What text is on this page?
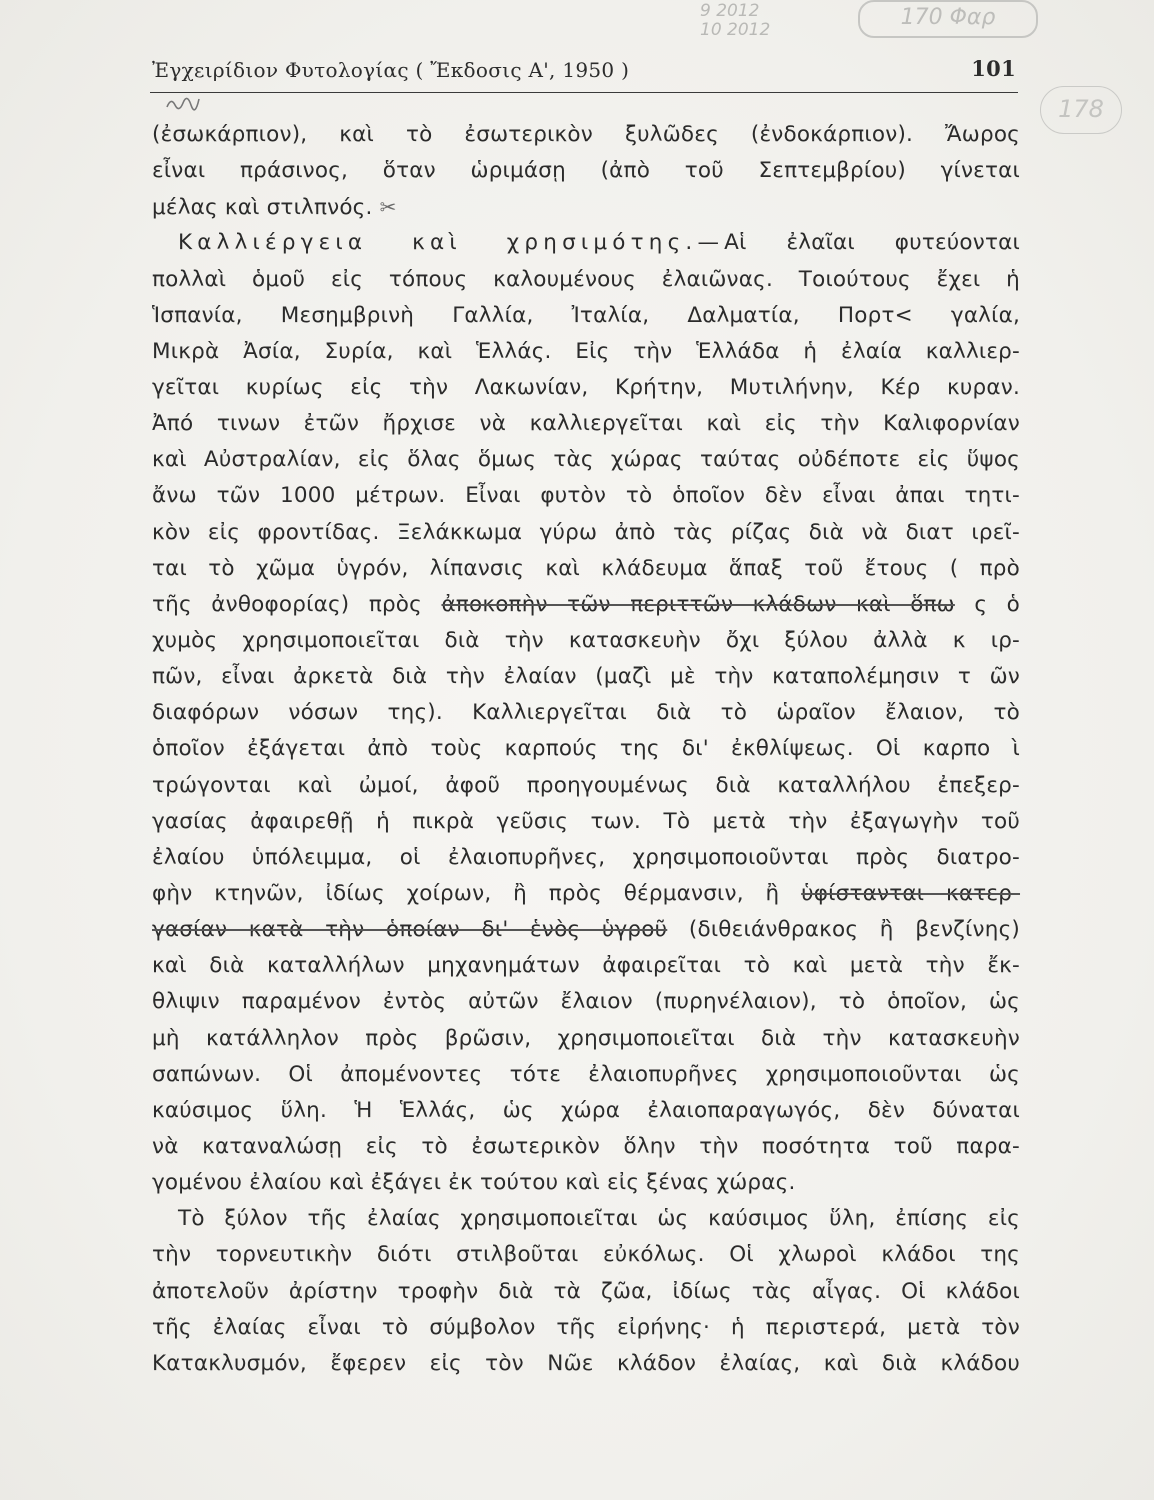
9 2012
10 2012	170 Φαρ
178
Ἐγχειρίδιον Φυτολογίας ( Ἔκδοσις Α', 1950 )	101
(ἐσωκάρπιον), καὶ τὸ ἐσωτερικὸν ξυλῶδες (ἐνδοκάρπιον). Ἄωρος
εἶναι πράσινος, ὅταν ὡριμάσῃ (ἀπὸ τοῦ Σεπτεμβρίου) γίνεται
μέλας καὶ στιλπνός. ✂
Καλλιέργεια καὶ χρησιμότης.—Αἱ ἐλαῖαι φυτεύονται
πολλαὶ ὁμοῦ εἰς τόπους καλουμένους ἐλαιῶνας. Τοιούτους ἔχει ἡ
Ἱσπανία, Μεσημβρινὴ Γαλλία, Ἰταλία, Δαλματία, Πορτ< γαλία,
Μικρὰ Ἀσία, Συρία, καὶ Ἑλλάς. Εἰς τὴν Ἑλλάδα ἡ ἐλαία καλλιερ-
γεῖται κυρίως εἰς τὴν Λακωνίαν, Κρήτην, Μυτιλήνην, Κέρ κυραν.
Ἀπό τινων ἐτῶν ἤρχισε νὰ καλλιεργεῖται καὶ εἰς τὴν Καλιφορνίαν
καὶ Αὐστραλίαν, εἰς ὅλας ὅμως τὰς χώρας ταύτας οὐδέποτε εἰς ὕψος
ἄνω τῶν 1000 μέτρων. Εἶναι φυτὸν τὸ ὁποῖον δὲν εἶναι ἀπαι τητι-
κὸν εἰς φροντίδας. Ξελάκκωμα γύρω ἀπὸ τὰς ρίζας διὰ νὰ διατ ιρεῖ-
ται τὸ χῶμα ὑγρόν, λίπανσις καὶ κλάδευμα ἅπαξ τοῦ ἔτους ( πρὸ
τῆς ἀνθοφορίας) πρὸς ἀποκοπὴν τῶν περιττῶν κλάδων καὶ ὅπω ς ὁ
χυμὸς χρησιμοποιεῖται διὰ τὴν κατασκευὴν ὄχι ξύλου ἀλλὰ κ ιρ-
πῶν, εἶναι ἀρκετὰ διὰ τὴν ἐλαίαν (μαζὶ μὲ τὴν καταπολέμησιν τ ῶν
διαφόρων νόσων της). Καλλιεργεῖται διὰ τὸ ὡραῖον ἔλαιον, τὸ
ὁποῖον ἐξάγεται ἀπὸ τοὺς καρπούς της δι' ἐκθλίψεως. Οἱ καρπο ὶ
τρώγονται καὶ ὠμοί, ἀφοῦ προηγουμένως διὰ καταλλήλου ἐπεξερ-
γασίας ἀφαιρεθῇ ἡ πικρὰ γεῦσις των. Τὸ μετὰ τὴν ἐξαγωγὴν τοῦ
ἐλαίου ὑπόλειμμα, οἱ ἐλαιοπυρῆνες, χρησιμοποιοῦνται πρὸς διατρο-
φὴν κτηνῶν, ἰδίως χοίρων, ἢ πρὸς θέρμανσιν, ἢ ὑφίστανται κατερ-
γασίαν κατὰ τὴν ὁποίαν δι' ἑνὸς ὑγροῦ (διθειάνθρακος ἢ βενζίνης)
καὶ διὰ καταλλήλων μηχανημάτων ἀφαιρεῖται τὸ καὶ μετὰ τὴν ἔκ-
θλιψιν παραμένον ἐντὸς αὐτῶν ἔλαιον (πυρηνέλαιον), τὸ ὁποῖον, ὡς
μὴ κατάλληλον πρὸς βρῶσιν, χρησιμοποιεῖται διὰ τὴν κατασκευὴν
σαπώνων. Οἱ ἀπομένοντες τότε ἐλαιοπυρῆνες χρησιμοποιοῦνται ὡς
καύσιμος ὕλη. Ἡ Ἑλλάς, ὡς χώρα ἐλαιοπαραγωγός, δὲν δύναται
νὰ καταναλώσῃ εἰς τὸ ἐσωτερικὸν ὅλην τὴν ποσότητα τοῦ παρα-
γομένου ἐλαίου καὶ ἐξάγει ἐκ τούτου καὶ εἰς ξένας χώρας.
Τὸ ξύλον τῆς ἐλαίας χρησιμοποιεῖται ὡς καύσιμος ὕλη, ἐπίσης εἰς
τὴν τορνευτικὴν διότι στιλβοῦται εὐκόλως. Οἱ χλωροὶ κλάδοι της
ἀποτελοῦν ἀρίστην τροφὴν διὰ τὰ ζῶα, ἰδίως τὰς αἶγας. Οἱ κλάδοι
τῆς ἐλαίας εἶναι τὸ σύμβολον τῆς εἰρήνης· ἡ περιστερά, μετὰ τὸν
Κατακλυσμόν, ἔφερεν εἰς τὸν Νῶε κλάδον ἐλαίας, καὶ διὰ κλάδου
